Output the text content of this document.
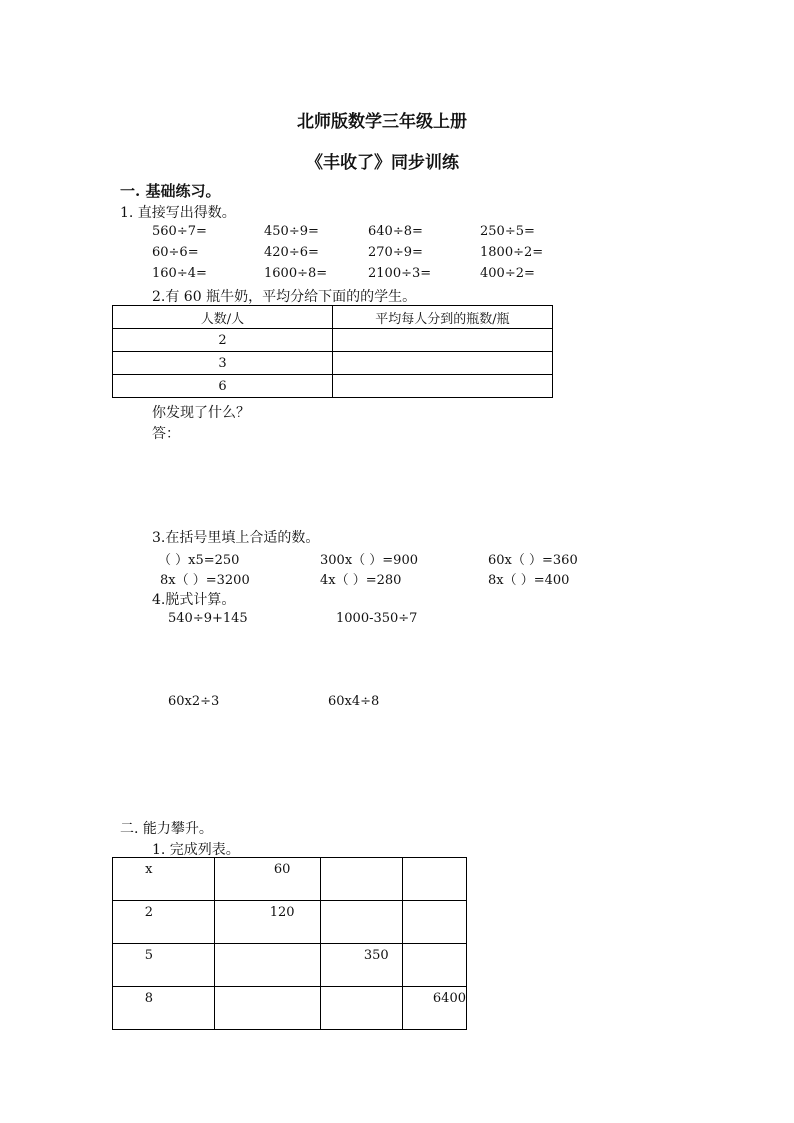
北师版数学三年级上册
《丰收了》同步训练
一. 基础练习。
1. 直接写出得数。
560÷7=	450÷9=	640÷8=	250÷5=
60÷6=	420÷6=	270÷9=	1800÷2=
160÷4=	1600÷8=	2100÷3=	400÷2=
2.有 60 瓶牛奶，平均分给下面的的学生。
人数/人	平均每人分到的瓶数/瓶
2	
3	
6	
你发现了什么？
答：
3.在括号里填上合适的数。
（ ）x5=250	300x（ ）=900	60x（ ）=360
8x（ ）=3200	4x（ ）=280	8x（ ）=400
4.脱式计算。
540÷9+145	1000-350÷7
60x2÷3	60x4÷8
二. 能力攀升。
1. 完成列表。
x	60		
2	120		
5		350	
8			6400
